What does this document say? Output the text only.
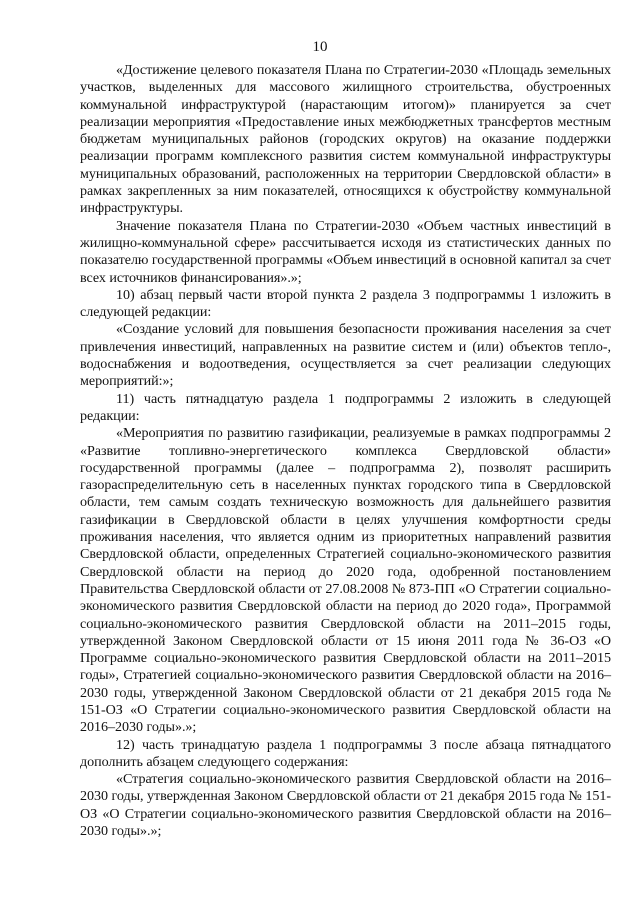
10

«Достижение целевого показателя Плана по Стратегии-2030 «Площадь земельных участков, выделенных для массового жилищного строительства, обустроенных коммунальной инфраструктурой (нарастающим итогом)» планируется за счет реализации мероприятия «Предоставление иных межбюджетных трансфертов местным бюджетам муниципальных районов (городских округов) на оказание поддержки реализации программ комплексного развития систем коммунальной инфраструктуры муниципальных образований, расположенных на территории Свердловской области» в рамках закрепленных за ним показателей, относящихся к обустройству коммунальной инфраструктуры.

Значение показателя Плана по Стратегии-2030 «Объем частных инвестиций в жилищно-коммунальной сфере» рассчитывается исходя из статистических данных по показателю государственной программы «Объем инвестиций в основной капитал за счет всех источников финансирования».»;

10) абзац первый части второй пункта 2 раздела 3 подпрограммы 1 изложить в следующей редакции:

«Создание условий для повышения безопасности проживания населения за счет привлечения инвестиций, направленных на развитие систем и (или) объектов тепло-, водоснабжения и водоотведения, осуществляется за счет реализации следующих мероприятий:»;

11) часть пятнадцатую раздела 1 подпрограммы 2 изложить в следующей редакции:

«Мероприятия по развитию газификации, реализуемые в рамках подпрограммы 2 «Развитие топливно-энергетического комплекса Свердловской области» государственной программы (далее – подпрограмма 2), позволят расширить газораспределительную сеть в населенных пунктах городского типа в Свердловской области, тем самым создать техническую возможность для дальнейшего развития газификации в Свердловской области в целях улучшения комфортности среды проживания населения, что является одним из приоритетных направлений развития Свердловской области, определенных Стратегией социально-экономического развития Свердловской области на период до 2020 года, одобренной постановлением Правительства Свердловской области от 27.08.2008 № 873-ПП «О Стратегии социально-экономического развития Свердловской области на период до 2020 года», Программой социально-экономического развития Свердловской области на 2011–2015 годы, утвержденной Законом Свердловской области от 15 июня 2011 года № 36-ОЗ «О Программе социально-экономического развития Свердловской области на 2011–2015 годы», Стратегией социально-экономического развития Свердловской области на 2016–2030 годы, утвержденной Законом Свердловской области от 21 декабря 2015 года № 151-ОЗ «О Стратегии социально-экономического развития Свердловской области на 2016–2030 годы».»;

12) часть тринадцатую раздела 1 подпрограммы 3 после абзаца пятнадцатого дополнить абзацем следующего содержания:

«Стратегия социально-экономического развития Свердловской области на 2016–2030 годы, утвержденная Законом Свердловской области от 21 декабря 2015 года № 151-ОЗ «О Стратегии социально-экономического развития Свердловской области на 2016–2030 годы».»;
